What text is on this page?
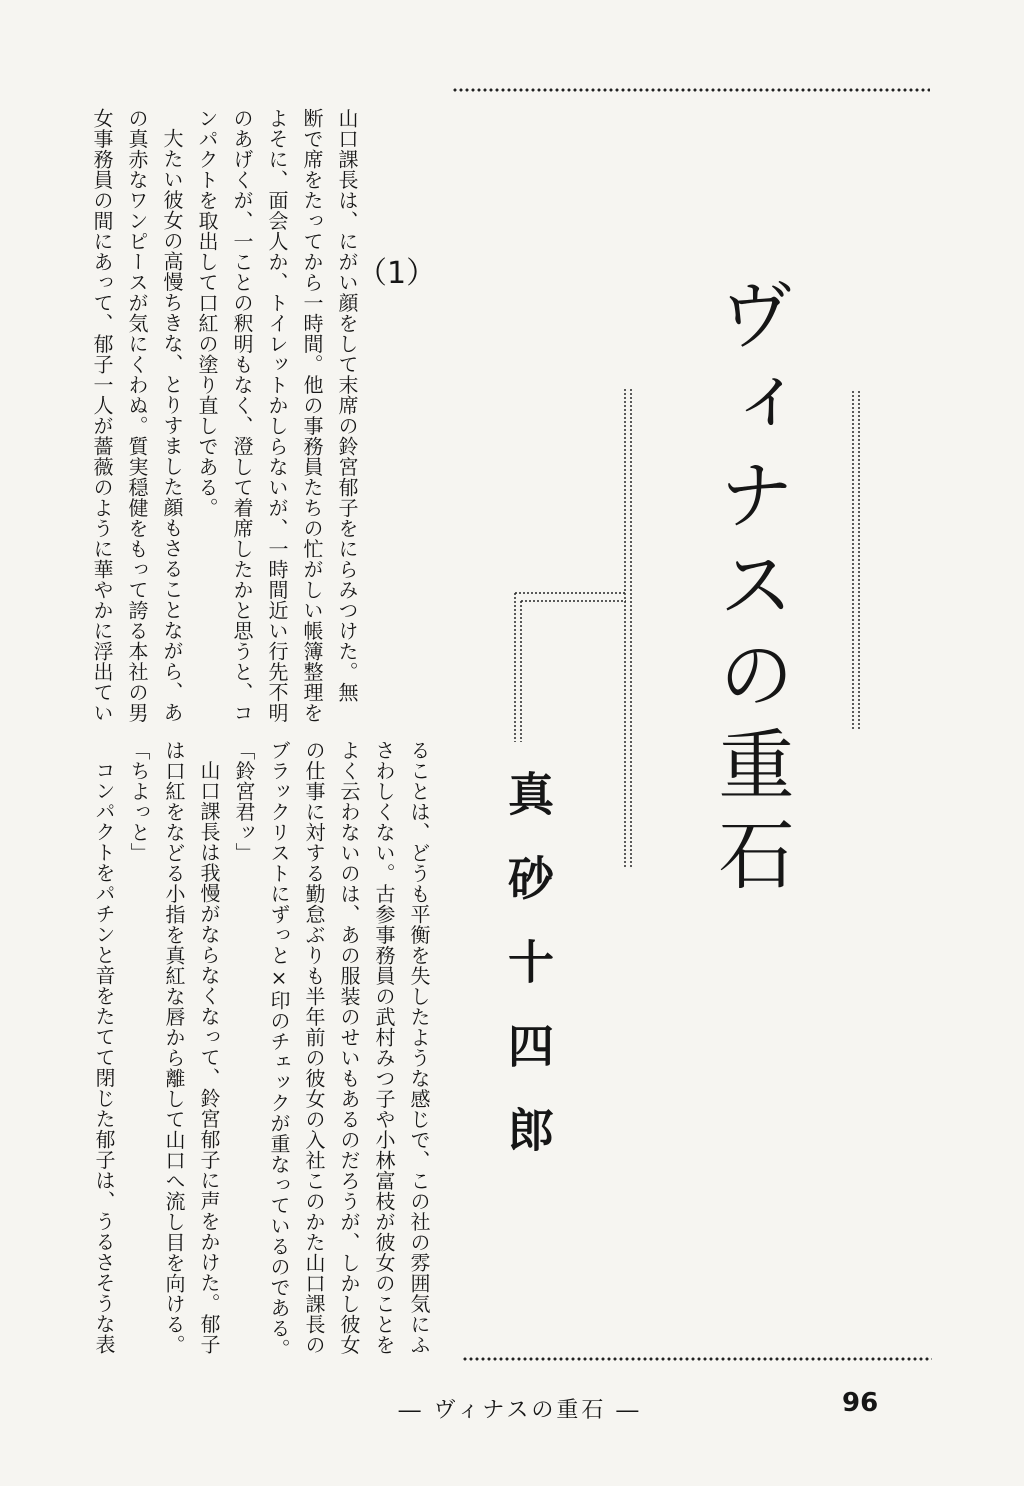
ヴィナスの重石
真砂十四郎
（1）
山口課長は、にがい顔をして末席の鈴宮郁子をにらみつけた。無
断で席をたってから一時間。他の事務員たちの忙がしい帳簿整理を
よそに、面会人か、トイレットかしらないが、一時間近い行先不明
のあげくが、一ことの釈明もなく、澄して着席したかと思うと、コ
ンパクトを取出して口紅の塗り直しである。
大たい彼女の高慢ちきな、とりすました顔もさることながら、あ
の真赤なワンピースが気にくわぬ。質実穏健をもって誇る本社の男
女事務員の間にあって、郁子一人が薔薇のように華やかに浮出てい
ることは、どうも平衡を失したような感じで、この社の雰囲気にふ
さわしくない。古参事務員の武村みつ子や小林富枝が彼女のことを
よく云わないのは、あの服装のせいもあるのだろうが、しかし彼女
の仕事に対する勤怠ぶりも半年前の彼女の入社このかた山口課長の
ブラックリストにずっと×印のチェックが重なっているのである。
「鈴宮君ッ」
山口課長は我慢がならなくなって、鈴宮郁子に声をかけた。郁子
は口紅をなどる小指を真紅な唇から離して山口へ流し目を向ける。
「ちよっと」
コンパクトをパチンと音をたてて閉じた郁子は、うるさそうな表
― ヴィナスの重石 ―	96
